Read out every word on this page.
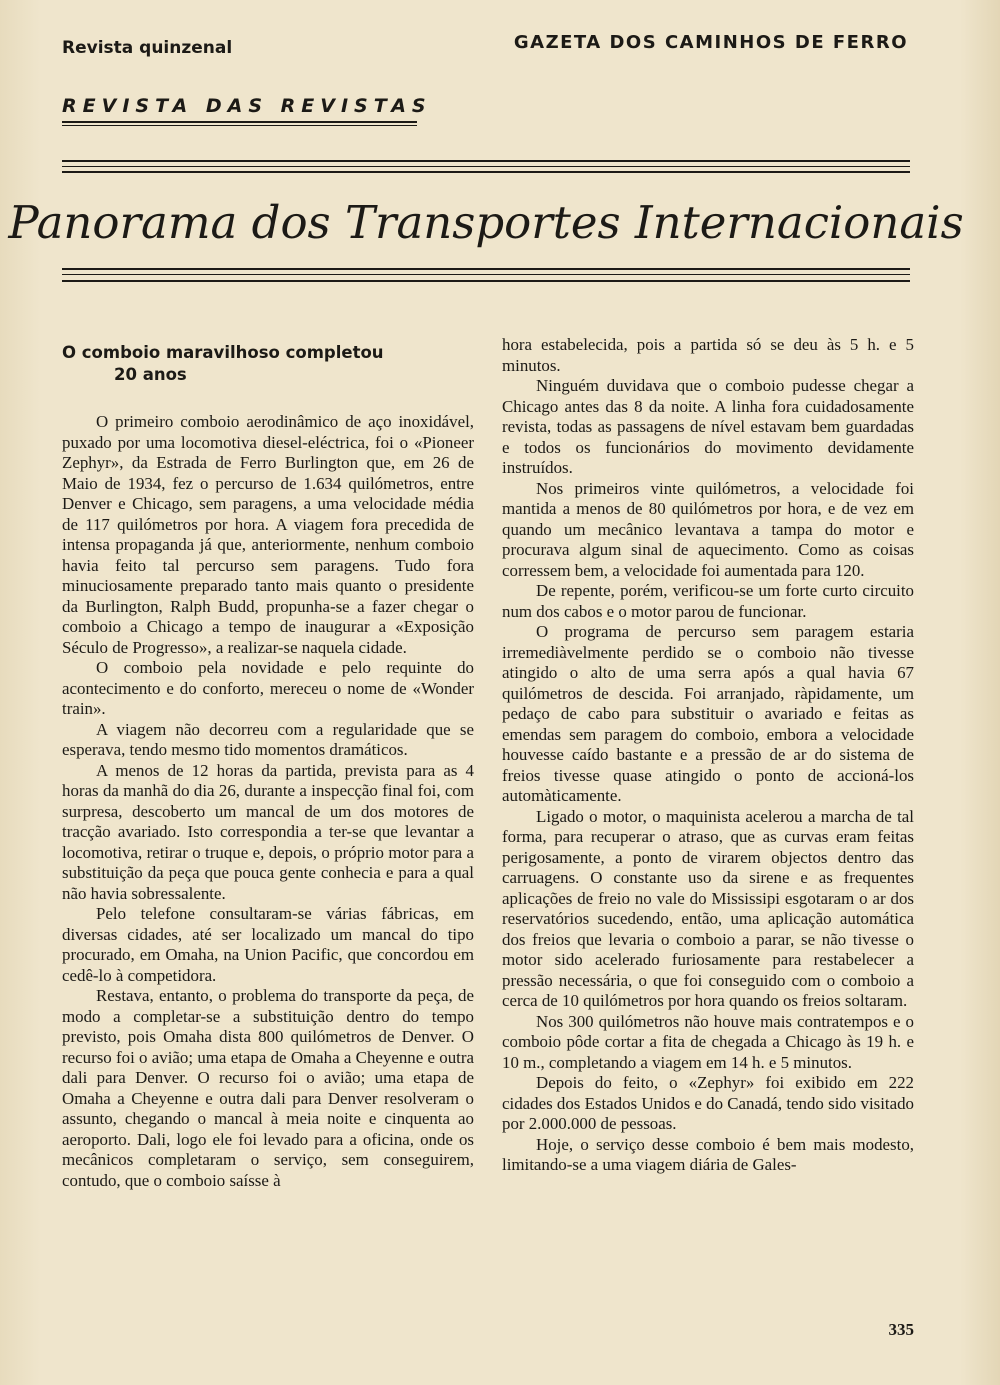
Revista quinzenal	GAZETA DOS CAMINHOS DE FERRO
REVISTA DAS REVISTAS
Panorama dos Transportes Internacionais
O comboio maravilhoso completou
20 anos

O primeiro comboio aerodinâmico de aço inoxidável, puxado por uma locomotiva diesel-eléctrica, foi o «Pioneer Zephyr», da Estrada de Ferro Burlington que, em 26 de Maio de 1934, fez o percurso de 1.634 quilómetros, entre Denver e Chicago, sem paragens, a uma velocidade média de 117 quilómetros por hora. A viagem fora precedida de intensa propaganda já que, anteriormente, nenhum comboio havia feito tal percurso sem paragens. Tudo fora minuciosamente preparado tanto mais quanto o presidente da Burlington, Ralph Budd, propunha-se a fazer chegar o comboio a Chicago a tempo de inaugurar a «Exposição Século de Progresso», a realizar-se naquela cidade.

O comboio pela novidade e pelo requinte do acontecimento e do conforto, mereceu o nome de «Wonder train».

A viagem não decorreu com a regularidade que se esperava, tendo mesmo tido momentos dramáticos.

A menos de 12 horas da partida, prevista para as 4 horas da manhã do dia 26, durante a inspecção final foi, com surpresa, descoberto um mancal de um dos motores de tracção avariado. Isto correspondia a ter-se que levantar a locomotiva, retirar o truque e, depois, o próprio motor para a substituição da peça que pouca gente conhecia e para a qual não havia sobressalente.

Pelo telefone consultaram-se várias fábricas, em diversas cidades, até ser localizado um mancal do tipo procurado, em Omaha, na Union Pacific, que concordou em cedê-lo à competidora.

Restava, entanto, o problema do transporte da peça, de modo a completar-se a substituição dentro do tempo previsto, pois Omaha dista 800 quilómetros de Denver. O recurso foi o avião; uma etapa de Omaha a Cheyenne e outra dali para Denver. O recurso foi o avião; uma etapa de Omaha a Cheyenne e outra dali para Denver resolveram o assunto, chegando o mancal à meia noite e cinquenta ao aeroporto. Dali, logo ele foi levado para a oficina, onde os mecânicos completaram o serviço, sem conseguirem, contudo, que o comboio saísse à

hora estabelecida, pois a partida só se deu às 5 h. e 5 minutos.

Ninguém duvidava que o comboio pudesse chegar a Chicago antes das 8 da noite. A linha fora cuidadosamente revista, todas as passagens de nível estavam bem guardadas e todos os funcionários do movimento devidamente instruídos.

Nos primeiros vinte quilómetros, a velocidade foi mantida a menos de 80 quilómetros por hora, e de vez em quando um mecânico levantava a tampa do motor e procurava algum sinal de aquecimento. Como as coisas corressem bem, a velocidade foi aumentada para 120.

De repente, porém, verificou-se um forte curto circuito num dos cabos e o motor parou de funcionar.

O programa de percurso sem paragem estaria irremediàvelmente perdido se o comboio não tivesse atingido o alto de uma serra após a qual havia 67 quilómetros de descida. Foi arranjado, ràpidamente, um pedaço de cabo para substituir o avariado e feitas as emendas sem paragem do comboio, embora a velocidade houvesse caído bastante e a pressão de ar do sistema de freios tivesse quase atingido o ponto de accioná-los automàticamente.

Ligado o motor, o maquinista acelerou a marcha de tal forma, para recuperar o atraso, que as curvas eram feitas perigosamente, a ponto de virarem objectos dentro das carruagens. O constante uso da sirene e as frequentes aplicações de freio no vale do Mississipi esgotaram o ar dos reservatórios sucedendo, então, uma aplicação automática dos freios que levaria o comboio a parar, se não tivesse o motor sido acelerado furiosamente para restabelecer a pressão necessária, o que foi conseguido com o comboio a cerca de 10 quilómetros por hora quando os freios soltaram.

Nos 300 quilómetros não houve mais contratempos e o comboio pôde cortar a fita de chegada a Chicago às 19 h. e 10 m., completando a viagem em 14 h. e 5 minutos.

Depois do feito, o «Zephyr» foi exibido em 222 cidades dos Estados Unidos e do Canadá, tendo sido visitado por 2.000.000 de pessoas.

Hoje, o serviço desse comboio é bem mais modesto, limitando-se a uma viagem diária de Gales-

335
